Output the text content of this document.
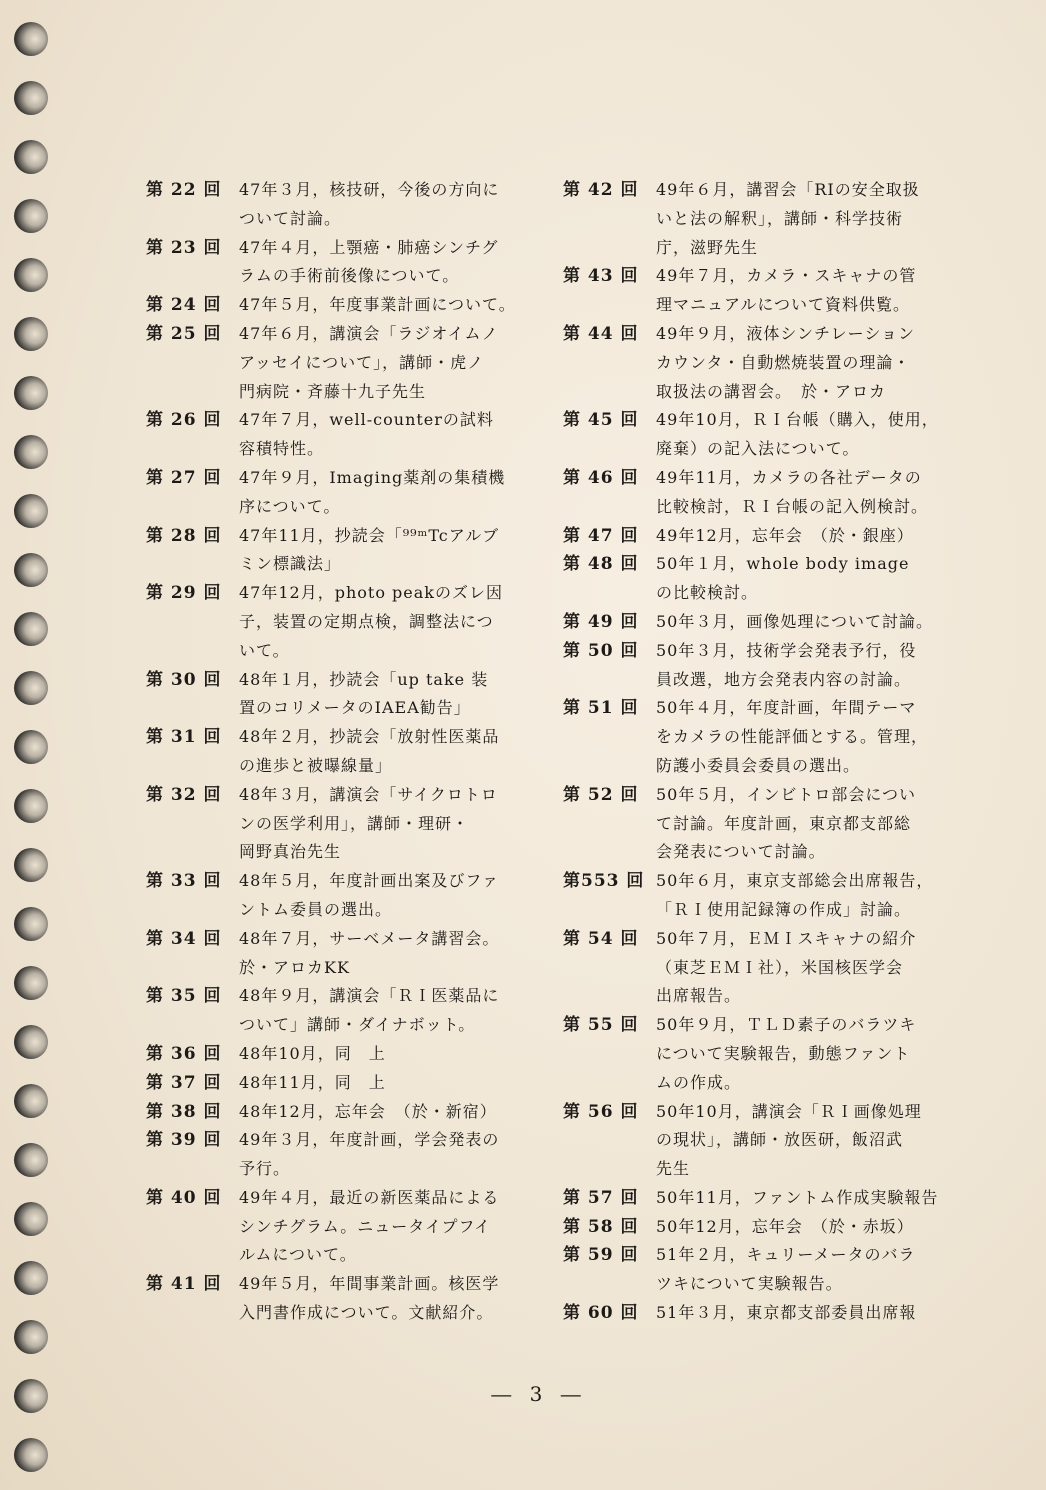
第 22 回	47年３月，核技研，今後の方向に
ついて討論。
第 23 回	47年４月，上顎癌・肺癌シンチグ
ラムの手術前後像について。
第 24 回	47年５月，年度事業計画について。
第 25 回	47年６月，講演会「ラジオイムノ
アッセイについて」，講師・虎ノ
門病院・斉藤十九子先生
第 26 回	47年７月，well-counterの試料
容積特性。
第 27 回	47年９月，Imaging薬剤の集積機
序について。
第 28 回	47年11月，抄読会「⁹⁹ᵐTcアルブ
ミン標識法」
第 29 回	47年12月，photo peakのズレ因
子，装置の定期点検，調整法につ
いて。
第 30 回	48年１月，抄読会「up take 装
置のコリメータのIAEA勧告」
第 31 回	48年２月，抄読会「放射性医薬品
の進歩と被曝線量」
第 32 回	48年３月，講演会「サイクロトロ
ンの医学利用」，講師・理研・
岡野真治先生
第 33 回	48年５月，年度計画出案及びファ
ントム委員の選出。
第 34 回	48年７月，サーベメータ講習会。
於・アロカKK
第 35 回	48年９月，講演会「ＲＩ医薬品に
ついて」講師・ダイナボット。
第 36 回	48年10月，同　上
第 37 回	48年11月，同　上
第 38 回	48年12月，忘年会　（於・新宿）
第 39 回	49年３月，年度計画，学会発表の
予行。
第 40 回	49年４月，最近の新医薬品による
シンチグラム。ニュータイプフイ
ルムについて。
第 41 回	49年５月，年間事業計画。核医学
入門書作成について。文献紹介。
第 42 回	49年６月，講習会「RIの安全取扱
いと法の解釈」，講師・科学技術
庁，滋野先生
第 43 回	49年７月，カメラ・スキャナの管
理マニュアルについて資料供覧。
第 44 回	49年９月，液体シンチレーション
カウンタ・自動燃焼装置の理論・
取扱法の講習会。　於・アロカ
第 45 回	49年10月，ＲＩ台帳（購入，使用，
廃棄）の記入法について。
第 46 回	49年11月，カメラの各社データの
比較検討，ＲＩ台帳の記入例検討。
第 47 回	49年12月，忘年会　（於・銀座）
第 48 回	50年１月，whole body image
の比較検討。
第 49 回	50年３月，画像処理について討論。
第 50 回	50年３月，技術学会発表予行，役
員改選，地方会発表内容の討論。
第 51 回	50年４月，年度計画，年間テーマ
をカメラの性能評価とする。管理，
防護小委員会委員の選出。
第 52 回	50年５月，インビトロ部会につい
て討論。年度計画，東京都支部総
会発表について討論。
第553 回 50年６月，東京支部総会出席報告，
「ＲＩ使用記録簿の作成」討論。
第 54 回	50年７月，ＥＭＩスキャナの紹介
（東芝ＥＭＩ社），米国核医学会
出席報告。
第 55 回	50年９月，ＴＬＤ素子のバラツキ
について実験報告，動態ファント
ムの作成。
第 56 回	50年10月，講演会「ＲＩ画像処理
の現状」，講師・放医研，飯沼武
先生
第 57 回	50年11月，ファントム作成実験報告
第 58 回	50年12月，忘年会　（於・赤坂）
第 59 回	51年２月，キュリーメータのバラ
ツキについて実験報告。
第 60 回	51年３月，東京都支部委員出席報
― 3 ―
